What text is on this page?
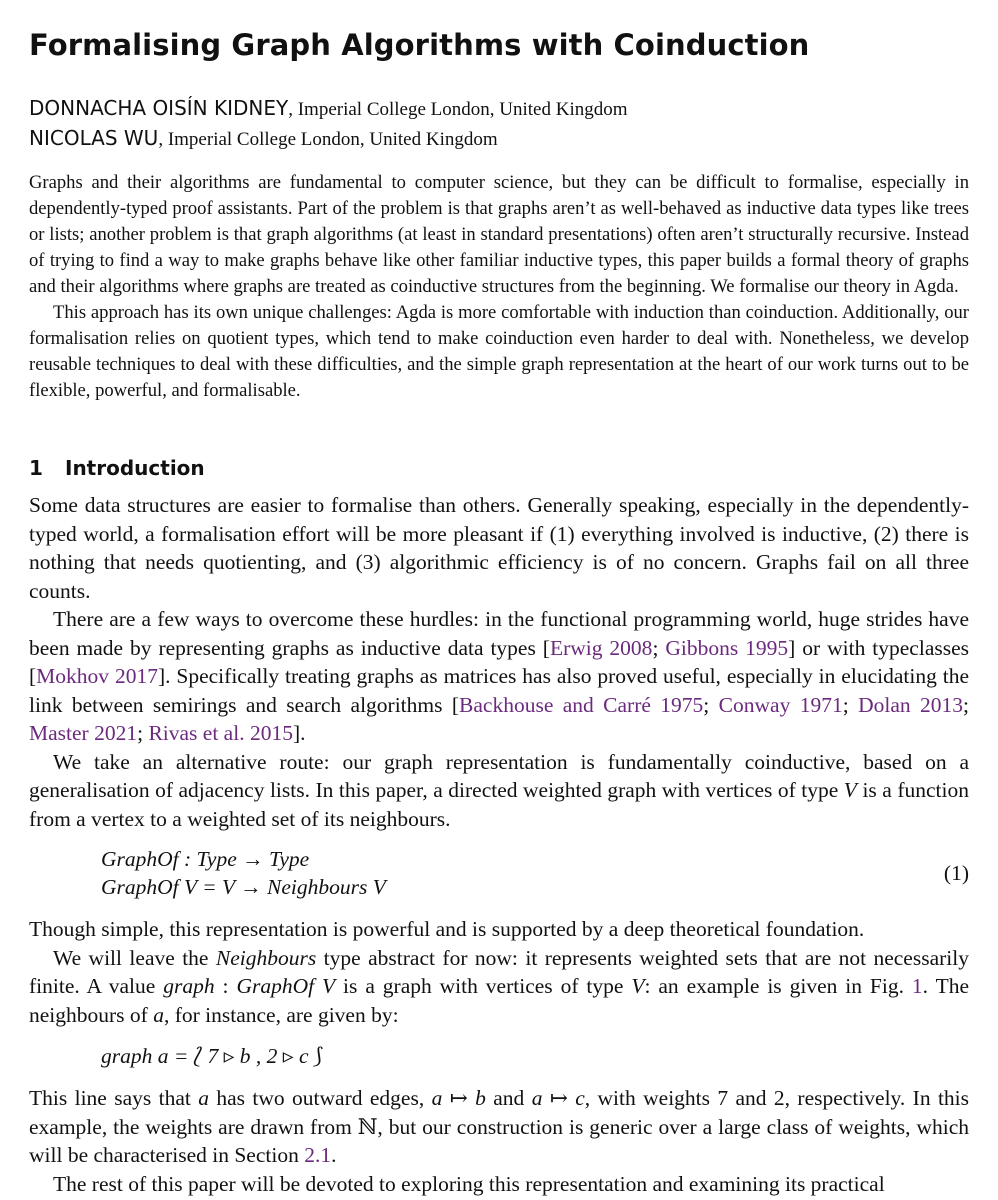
Formalising Graph Algorithms with Coinduction
DONNACHA OISÍN KIDNEY, Imperial College London, United Kingdom
NICOLAS WU, Imperial College London, United Kingdom

Graphs and their algorithms are fundamental to computer science, but they can be difficult to formalise, especially in dependently-typed proof assistants. Part of the problem is that graphs aren’t as well-behaved as inductive data types like trees or lists; another problem is that graph algorithms (at least in standard presentations) often aren’t structurally recursive. Instead of trying to find a way to make graphs behave like other familiar inductive types, this paper builds a formal theory of graphs and their algorithms where graphs are treated as coinductive structures from the beginning. We formalise our theory in Agda.

This approach has its own unique challenges: Agda is more comfortable with induction than coinduction. Additionally, our formalisation relies on quotient types, which tend to make coinduction even harder to deal with. Nonetheless, we develop reusable techniques to deal with these difficulties, and the simple graph representation at the heart of our work turns out to be flexible, powerful, and formalisable.

1 Introduction

Some data structures are easier to formalise than others. Generally speaking, especially in the dependently-typed world, a formalisation effort will be more pleasant if (1) everything involved is inductive, (2) there is nothing that needs quotienting, and (3) algorithmic efficiency is of no concern. Graphs fail on all three counts.

There are a few ways to overcome these hurdles: in the functional programming world, huge strides have been made by representing graphs as inductive data types [Erwig 2008; Gibbons 1995] or with typeclasses [Mokhov 2017]. Specifically treating graphs as matrices has also proved useful, especially in elucidating the link between semirings and search algorithms [Backhouse and Carré 1975; Conway 1971; Dolan 2013; Master 2021; Rivas et al. 2015].

We take an alternative route: our graph representation is fundamentally coinductive, based on a generalisation of adjacency lists. In this paper, a directed weighted graph with vertices of type V is a function from a vertex to a weighted set of its neighbours.

GraphOf : Type → Type
GraphOf V = V → Neighbours V
(1)

Though simple, this representation is powerful and is supported by a deep theoretical foundation.

We will leave the Neighbours type abstract for now: it represents weighted sets that are not necessarily finite. A value graph : GraphOf V is a graph with vertices of type V: an example is given in Fig. 1. The neighbours of a, for instance, are given by:

graph a = ⟅ 7 ▹ b , 2 ▹ c ⟆

This line says that a has two outward edges, a ↦ b and a ↦ c, with weights 7 and 2, respectively. In this example, the weights are drawn from ℕ, but our construction is generic over a large class of weights, which will be characterised in Section 2.1.

The rest of this paper will be devoted to exploring this representation and examining its practical
